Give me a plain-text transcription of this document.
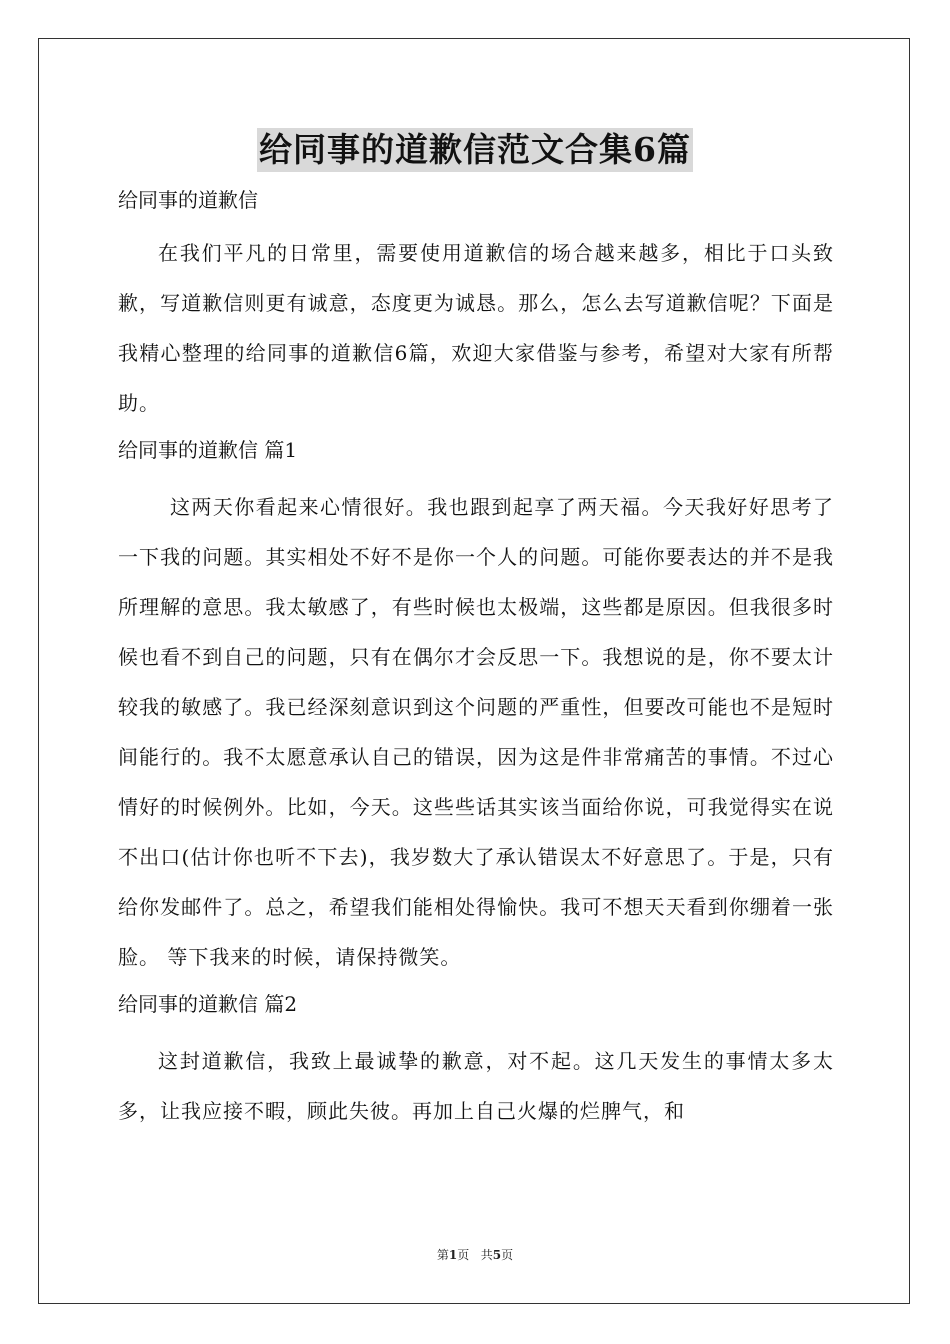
给同事的道歉信范文合集6篇
给同事的道歉信

在我们平凡的日常里，需要使用道歉信的场合越来越多，相比于口头致歉，写道歉信则更有诚意，态度更为诚恳。那么，怎么去写道歉信呢？下面是我精心整理的给同事的道歉信6篇，欢迎大家借鉴与参考，希望对大家有所帮助。

给同事的道歉信 篇1

这两天你看起来心情很好。我也跟到起享了两天福。今天我好好思考了一下我的问题。其实相处不好不是你一个人的问题。可能你要表达的并不是我所理解的意思。我太敏感了，有些时候也太极端，这些都是原因。但我很多时候也看不到自己的问题，只有在偶尔才会反思一下。我想说的是，你不要太计较我的敏感了。我已经深刻意识到这个问题的严重性，但要改可能也不是短时间能行的。我不太愿意承认自己的错误，因为这是件非常痛苦的事情。不过心情好的时候例外。比如，今天。这些些话其实该当面给你说，可我觉得实在说不出口(估计你也听不下去)，我岁数大了承认错误太不好意思了。于是，只有给你发邮件了。总之，希望我们能相处得愉快。我可不想天天看到你绷着一张脸。 等下我来的时候，请保持微笑。

给同事的道歉信 篇2

这封道歉信，我致上最诚挚的歉意，对不起。这几天发生的事情太多太多，让我应接不暇，顾此失彼。再加上自己火爆的烂脾气，和

第1页 共5页
